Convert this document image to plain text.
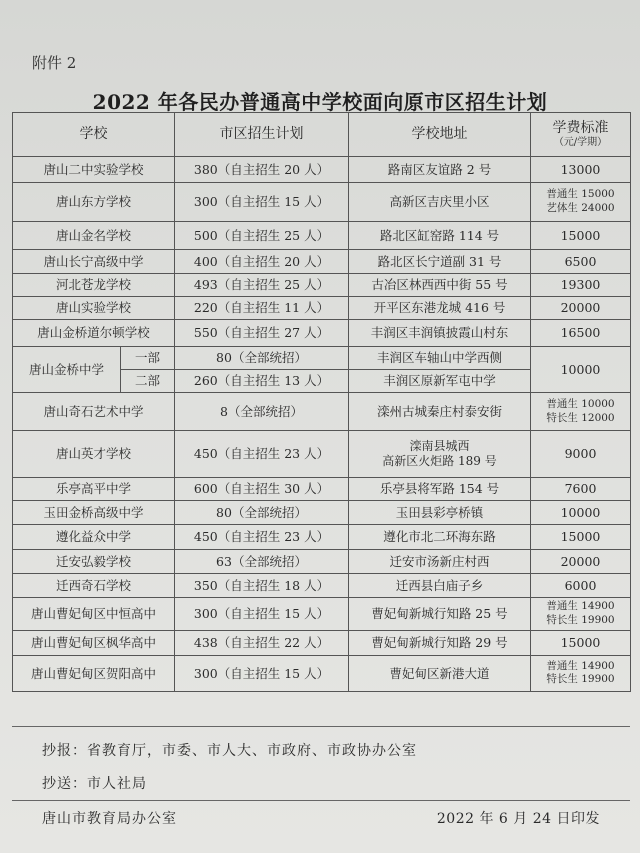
附件 2
2022 年各民办普通高中学校面向原市区招生计划
学校		市区招生计划	学校地址	学费标准
（元/学期）

唐山二中实验学校		380（自主招生 20 人）	路南区友谊路 2 号	13000

唐山东方学校		300（自主招生 15 人）	高新区吉庆里小区	普通生 15000
艺体生 24000

唐山金名学校		500（自主招生 25 人）	路北区缸窑路 114 号	15000

唐山长宁高级中学		400（自主招生 20 人）	路北区长宁道副 31 号	6500

河北苍龙学校		493（自主招生 25 人）	古冶区林西西中街 55 号	19300

唐山实验学校		220（自主招生 11 人）	开平区东港龙城 416 号	20000

唐山金桥道尔顿学校		550（自主招生 27 人）	丰润区丰润镇披霞山村东	16500

唐山金桥中学	一部	80（全部统招）	丰润区车轴山中学西侧	10000
	二部	260（自主招生 13 人）	丰润区原新军屯中学	
唐山奇石艺术中学		8（全部统招）	滦州古城秦庄村泰安街	普通生 10000
特长生 12000

唐山英才学校		450（自主招生 23 人）	滦南县城西
高新区火炬路 189 号	9000

乐亭高平中学		600（自主招生 30 人）	乐亭县将军路 154 号	7600

玉田金桥高级中学		80（全部统招）	玉田县彩亭桥镇	10000

遵化益众中学		450（自主招生 23 人）	遵化市北二环海东路	15000

迁安弘毅学校		63（全部统招）	迁安市汤新庄村西	20000

迁西奇石学校		350（自主招生 18 人）	迁西县白庙子乡	6000

唐山曹妃甸区中恒高中		300（自主招生 15 人）	曹妃甸新城行知路 25 号	普通生 14900
特长生 19900

唐山曹妃甸区枫华高中		438（自主招生 22 人）	曹妃甸新城行知路 29 号	15000

唐山曹妃甸区贺阳高中		300（自主招生 15 人）	曹妃甸区新港大道	普通生 14900
特长生 19900
抄报：省教育厅，市委、市人大、市政府、市政协办公室
抄送：市人社局
唐山市教育局办公室	2022 年 6 月 24 日印发
